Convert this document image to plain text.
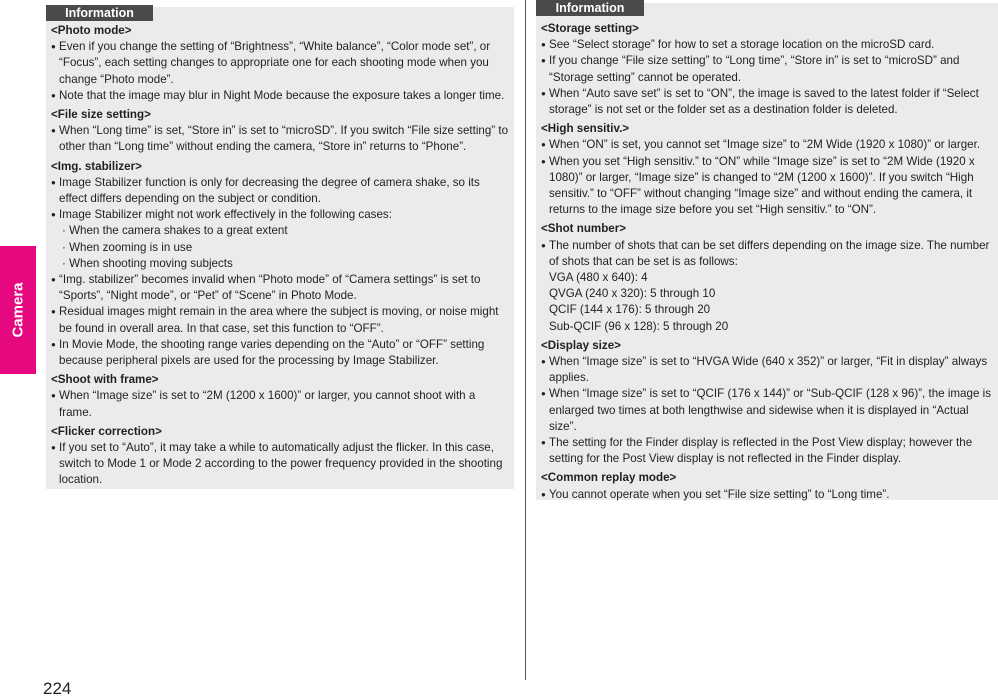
Camera
Information
<Photo mode>
● Even if you change the setting of “Brightness”, “White balance”, “Color mode set”, or “Focus”, each setting changes to appropriate one for each shooting mode when you change “Photo mode”.
● Note that the image may blur in Night Mode because the exposure takes a longer time.
<File size setting>
● When “Long time” is set, “Store in” is set to “microSD”. If you switch “File size setting” to other than “Long time” without ending the camera, “Store in” returns to “Phone”.
<Img. stabilizer>
● Image Stabilizer function is only for decreasing the degree of camera shake, so its effect differs depending on the subject or condition.
● Image Stabilizer might not work effectively in the following cases:
· When the camera shakes to a great extent
· When zooming is in use
· When shooting moving subjects
● “Img. stabilizer” becomes invalid when “Photo mode” of “Camera settings” is set to “Sports”, “Night mode”, or “Pet” of “Scene” in Photo Mode.
● Residual images might remain in the area where the subject is moving, or noise might be found in overall area. In that case, set this function to “OFF”.
● In Movie Mode, the shooting range varies depending on the “Auto” or “OFF” setting because peripheral pixels are used for the processing by Image Stabilizer.
<Shoot with frame>
● When “Image size” is set to “2M (1200 x 1600)” or larger, you cannot shoot with a frame.
<Flicker correction>
● If you set to “Auto”, it may take a while to automatically adjust the flicker. In this case, switch to Mode 1 or Mode 2 according to the power frequency provided in the shooting location.
Information
<Storage setting>
● See “Select storage” for how to set a storage location on the microSD card.
● If you change “File size setting” to “Long time”, “Store in” is set to “microSD” and “Storage setting” cannot be operated.
● When “Auto save set” is set to “ON”, the image is saved to the latest folder if “Select storage” is not set or the folder set as a destination folder is deleted.
<High sensitiv.>
● When “ON” is set, you cannot set “Image size” to “2M Wide (1920 x 1080)” or larger.
● When you set “High sensitiv.” to “ON” while “Image size” is set to “2M Wide (1920 x 1080)” or larger, “Image size” is changed to “2M (1200 x 1600)”. If you switch “High sensitiv.” to “OFF” without changing “Image size” and without ending the camera, it returns to the image size before you set “High sensitiv.” to “ON”.
<Shot number>
● The number of shots that can be set differs depending on the image size. The number of shots that can be set is as follows:
VGA (480 x 640): 4
QVGA (240 x 320): 5 through 10
QCIF (144 x 176): 5 through 20
Sub-QCIF (96 x 128): 5 through 20
<Display size>
● When “Image size” is set to “HVGA Wide (640 x 352)” or larger, “Fit in display” always applies.
● When “Image size” is set to “QCIF (176 x 144)” or “Sub-QCIF (128 x 96)”, the image is enlarged two times at both lengthwise and sidewise when it is displayed in “Actual size”.
● The setting for the Finder display is reflected in the Post View display; however the setting for the Post View display is not reflected in the Finder display.
<Common replay mode>
● You cannot operate when you set “File size setting” to “Long time”.
224
